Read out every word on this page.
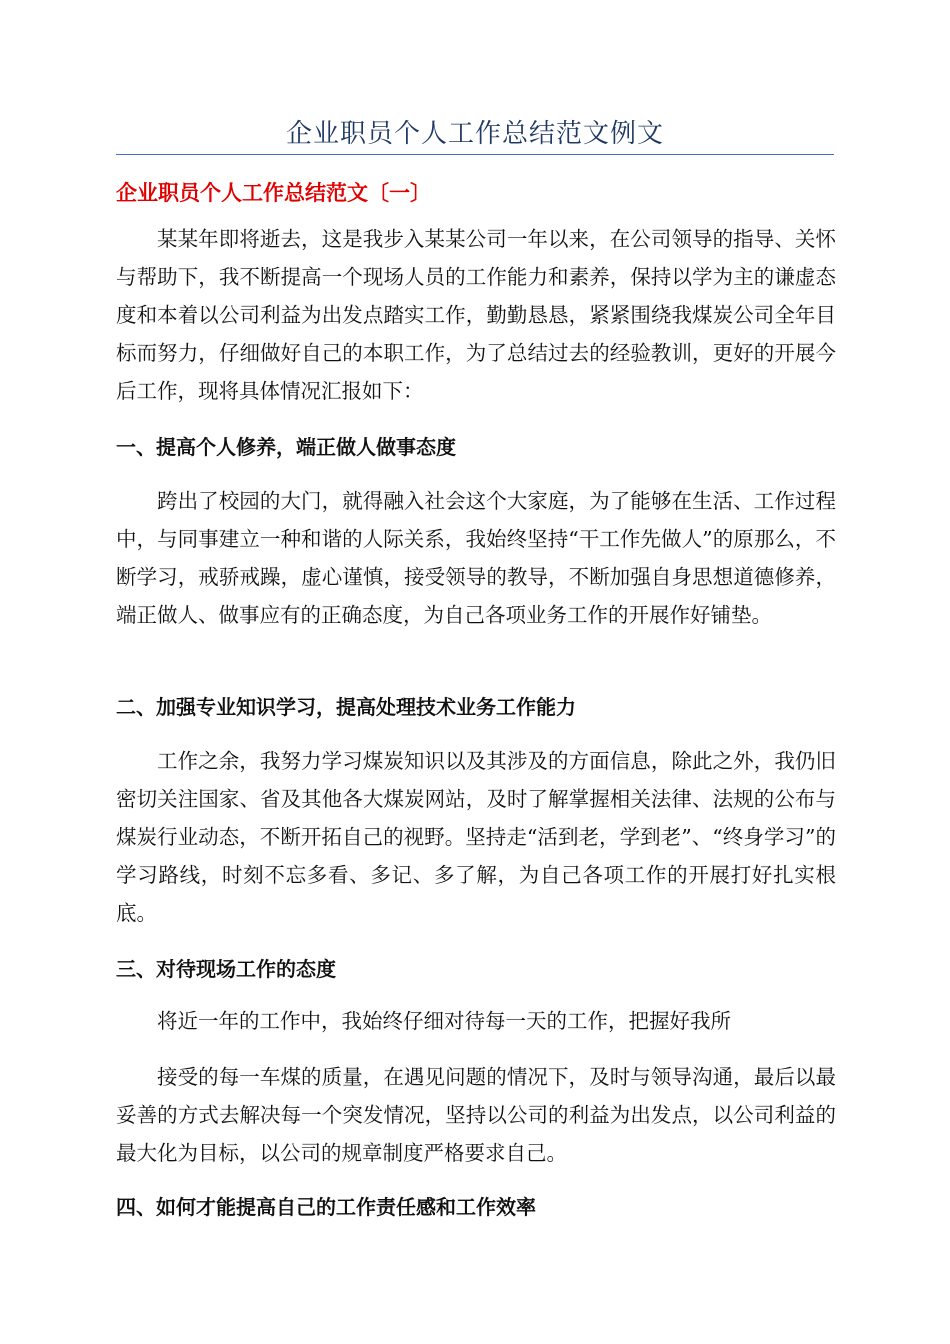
企业职员个人工作总结范文例文
企业职员个人工作总结范文〔一〕

某某年即将逝去，这是我步入某某公司一年以来，在公司领导的指导、关怀与帮助下，我不断提高一个现场人员的工作能力和素养，保持以学为主的谦虚态度和本着以公司利益为出发点踏实工作，勤勤恳恳，紧紧围绕我煤炭公司全年目标而努力，仔细做好自己的本职工作，为了总结过去的经验教训，更好的开展今后工作，现将具体情况汇报如下：

一、提高个人修养，端正做人做事态度

跨出了校园的大门，就得融入社会这个大家庭，为了能够在生活、工作过程中，与同事建立一种和谐的人际关系，我始终坚持“干工作先做人”的原那么，不断学习，戒骄戒躁，虚心谨慎，接受领导的教导，不断加强自身思想道德修养，端正做人、做事应有的正确态度，为自己各项业务工作的开展作好铺垫。

二、加强专业知识学习，提高处理技术业务工作能力

工作之余，我努力学习煤炭知识以及其涉及的方面信息，除此之外，我仍旧密切关注国家、省及其他各大煤炭网站，及时了解掌握相关法律、法规的公布与煤炭行业动态，不断开拓自己的视野。坚持走“活到老，学到老”、“终身学习”的学习路线，时刻不忘多看、多记、多了解，为自己各项工作的开展打好扎实根底。

三、对待现场工作的态度

将近一年的工作中，我始终仔细对待每一天的工作，把握好我所

接受的每一车煤的质量，在遇见问题的情况下，及时与领导沟通，最后以最妥善的方式去解决每一个突发情况，坚持以公司的利益为出发点，以公司利益的最大化为目标，以公司的规章制度严格要求自己。

四、如何才能提高自己的工作责任感和工作效率
